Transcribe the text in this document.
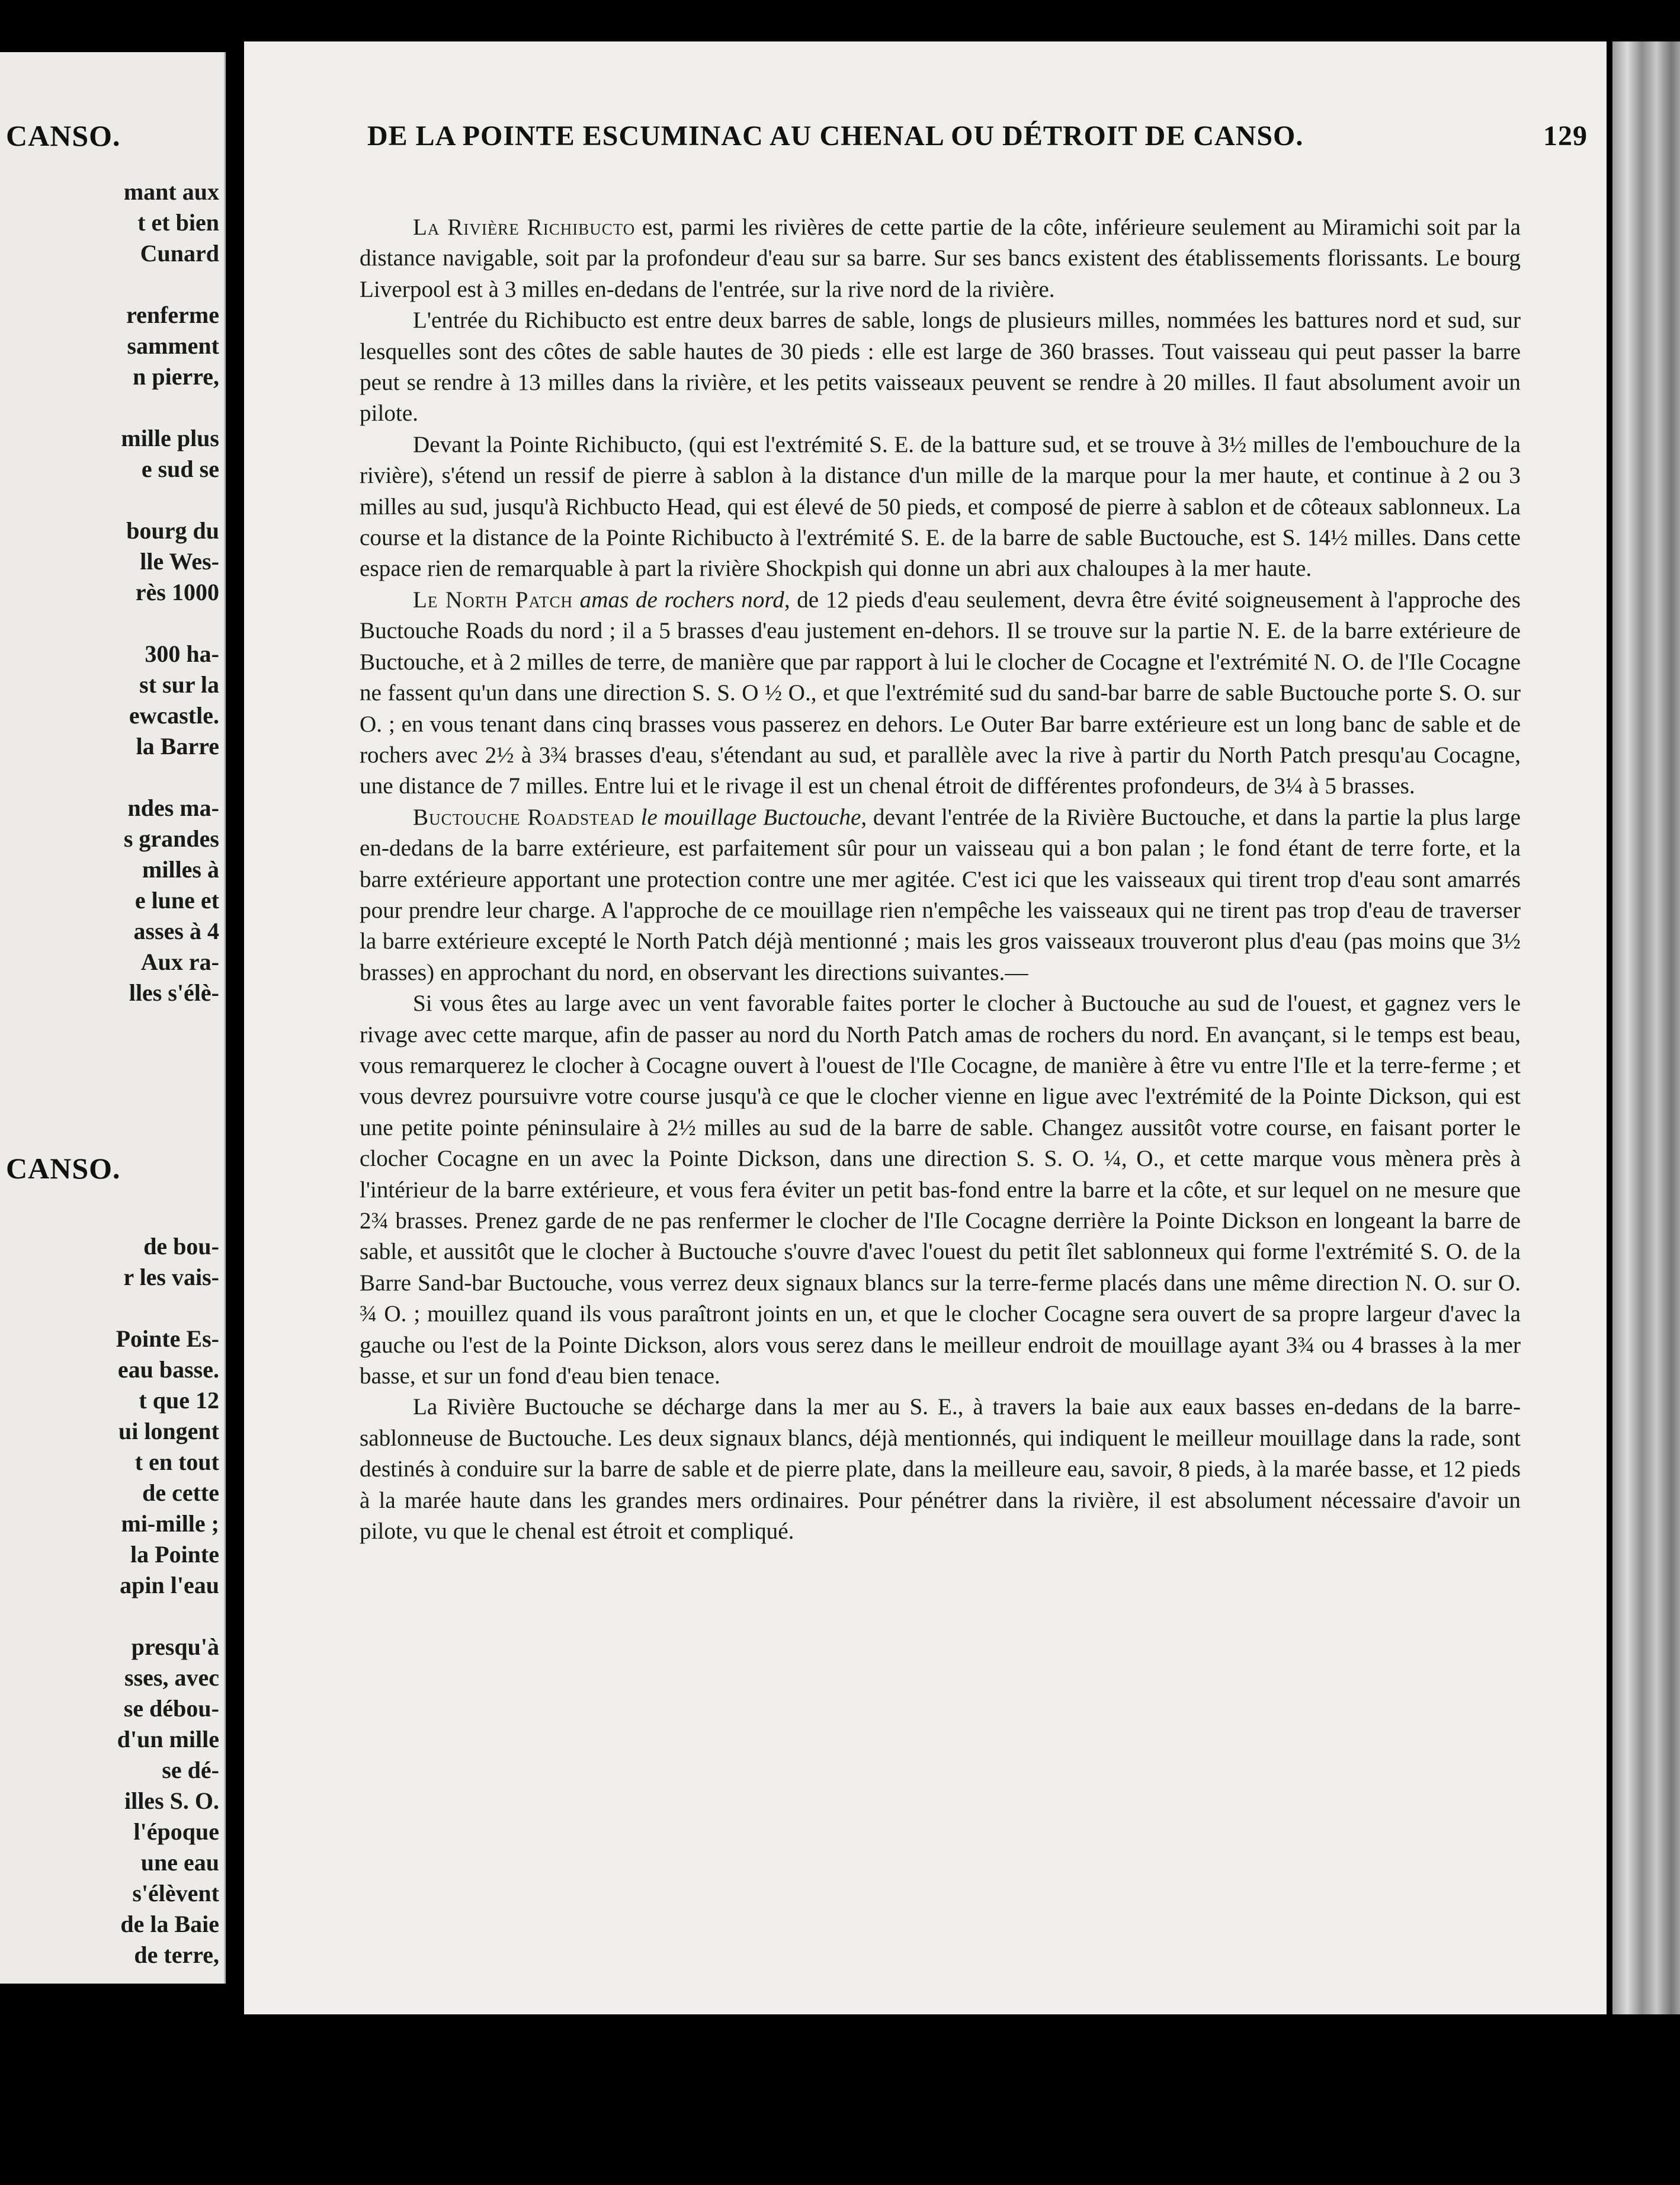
CANSO.
mant aux
t et bien
Cunard
renferme
samment
n pierre,
mille plus
e sud se
bourg du
lle Wes-
rès 1000
300 ha-
st sur la
ewcastle.
la Barre
ndes ma-
s grandes
milles à
e lune et
asses à 4
Aux ra-
lles s'élè-
CANSO.
de bou-
r les vais-
Pointe Es-
eau basse.
t que 12
ui longent
t en tout
de cette
mi-mille ;
la Pointe
apin l'eau
presqu'à
sses, avec
se débou-
d'un mille
se dé-
illes S. O.
l'époque
une eau
s'élèvent
de la Baie
de terre,
DE LA POINTE ESCUMINAC AU CHENAL OU DÉTROIT DE CANSO.	129

La Rivière Richibucto est, parmi les rivières de cette partie de la côte, inférieure seulement au Miramichi soit par la distance navigable, soit par la profondeur d'eau sur sa barre. Sur ses bancs existent des établissements florissants. Le bourg Liverpool est à 3 milles en-dedans de l'entrée, sur la rive nord de la rivière.

L'entrée du Richibucto est entre deux barres de sable, longs de plusieurs milles, nommées les battures nord et sud, sur lesquelles sont des côtes de sable hautes de 30 pieds : elle est large de 360 brasses. Tout vaisseau qui peut passer la barre peut se rendre à 13 milles dans la rivière, et les petits vaisseaux peuvent se rendre à 20 milles. Il faut absolument avoir un pilote.

Devant la Pointe Richibucto, (qui est l'extrémité S. E. de la batture sud, et se trouve à 3½ milles de l'embouchure de la rivière), s'étend un ressif de pierre à sablon à la distance d'un mille de la marque pour la mer haute, et continue à 2 ou 3 milles au sud, jusqu'à Richbucto Head, qui est élevé de 50 pieds, et composé de pierre à sablon et de côteaux sablonneux. La course et la distance de la Pointe Richibucto à l'extrémité S. E. de la barre de sable Buctouche, est S. 14½ milles. Dans cette espace rien de remarquable à part la rivière Shockpish qui donne un abri aux chaloupes à la mer haute.

Le North Patch amas de rochers nord, de 12 pieds d'eau seulement, devra être évité soigneusement à l'approche des Buctouche Roads du nord ; il a 5 brasses d'eau justement en-dehors. Il se trouve sur la partie N. E. de la barre extérieure de Buctouche, et à 2 milles de terre, de manière que par rapport à lui le clocher de Cocagne et l'extrémité N. O. de l'Ile Cocagne ne fassent qu'un dans une direction S. S. O ½ O., et que l'extrémité sud du sand-bar barre de sable Buctouche porte S. O. sur O. ; en vous tenant dans cinq brasses vous passerez en dehors. Le Outer Bar barre extérieure est un long banc de sable et de rochers avec 2½ à 3¾ brasses d'eau, s'étendant au sud, et parallèle avec la rive à partir du North Patch presqu'au Cocagne, une distance de 7 milles. Entre lui et le rivage il est un chenal étroit de différentes profondeurs, de 3¼ à 5 brasses.

Buctouche Roadstead le mouillage Buctouche, devant l'entrée de la Rivière Buctouche, et dans la partie la plus large en-dedans de la barre extérieure, est parfaitement sûr pour un vaisseau qui a bon palan ; le fond étant de terre forte, et la barre extérieure apportant une protection contre une mer agitée. C'est ici que les vaisseaux qui tirent trop d'eau sont amarrés pour prendre leur charge. A l'approche de ce mouillage rien n'empêche les vaisseaux qui ne tirent pas trop d'eau de traverser la barre extérieure excepté le North Patch déjà mentionné ; mais les gros vaisseaux trouveront plus d'eau (pas moins que 3½ brasses) en approchant du nord, en observant les directions suivantes.—

Si vous êtes au large avec un vent favorable faites porter le clocher à Buctouche au sud de l'ouest, et gagnez vers le rivage avec cette marque, afin de passer au nord du North Patch amas de rochers du nord. En avançant, si le temps est beau, vous remarquerez le clocher à Cocagne ouvert à l'ouest de l'Ile Cocagne, de manière à être vu entre l'Ile et la terre-ferme ; et vous devrez poursuivre votre course jusqu'à ce que le clocher vienne en ligue avec l'extrémité de la Pointe Dickson, qui est une petite pointe péninsulaire à 2½ milles au sud de la barre de sable. Changez aussitôt votre course, en faisant porter le clocher Cocagne en un avec la Pointe Dickson, dans une direction S. S. O. ¼, O., et cette marque vous mènera près à l'intérieur de la barre extérieure, et vous fera éviter un petit bas-fond entre la barre et la côte, et sur lequel on ne mesure que 2¾ brasses. Prenez garde de ne pas renfermer le clocher de l'Ile Cocagne derrière la Pointe Dickson en longeant la barre de sable, et aussitôt que le clocher à Buctouche s'ouvre d'avec l'ouest du petit îlet sablonneux qui forme l'extrémité S. O. de la Barre Sand-bar Buctouche, vous verrez deux signaux blancs sur la terre-ferme placés dans une même direction N. O. sur O. ¾ O. ; mouillez quand ils vous paraîtront joints en un, et que le clocher Cocagne sera ouvert de sa propre largeur d'avec la gauche ou l'est de la Pointe Dickson, alors vous serez dans le meilleur endroit de mouillage ayant 3¾ ou 4 brasses à la mer basse, et sur un fond d'eau bien tenace.

La Rivière Buctouche se décharge dans la mer au S. E., à travers la baie aux eaux basses en-dedans de la barre-sablonneuse de Buctouche. Les deux signaux blancs, déjà mentionnés, qui indiquent le meilleur mouillage dans la rade, sont destinés à conduire sur la barre de sable et de pierre plate, dans la meilleure eau, savoir, 8 pieds, à la marée basse, et 12 pieds à la marée haute dans les grandes mers ordinaires. Pour pénétrer dans la rivière, il est absolument nécessaire d'avoir un pilote, vu que le chenal est étroit et compliqué.
